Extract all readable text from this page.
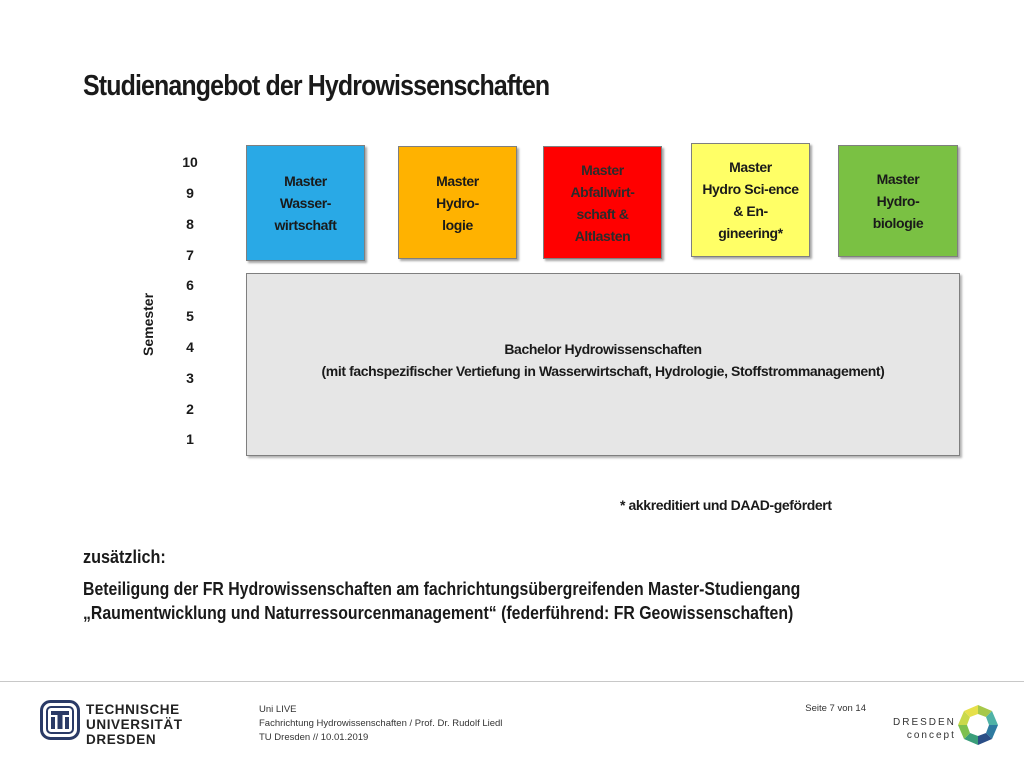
Studienangebot der Hydrowissenschaften
10
9
8
7
6
5
4
3
2
1
Semester
Master
Wasser-
wirtschaft
Master
Hydro-
logie
Master
Abfallwirt-
schaft &
Altlasten
Master
Hydro Sci-ence
& En-
gineering*
Master
Hydro-
biologie
Bachelor Hydrowissenschaften
(mit fachspezifischer Vertiefung in Wasserwirtschaft, Hydrologie, Stoffstrommanagement)
* akkreditiert und DAAD-gefördert
zusätzlich:
Beteiligung der FR Hydrowissenschaften am fachrichtungsübergreifenden Master-Studiengang
„Raumentwicklung und Naturressourcenmanagement“ (federführend: FR Geowissenschaften)
TECHNISCHE
UNIVERSITÄT
DRESDEN
Uni LIVE
Fachrichtung Hydrowissenschaften / Prof. Dr. Rudolf Liedl
TU Dresden // 10.01.2019
Seite 7 von 14
DRESDEN
concept
